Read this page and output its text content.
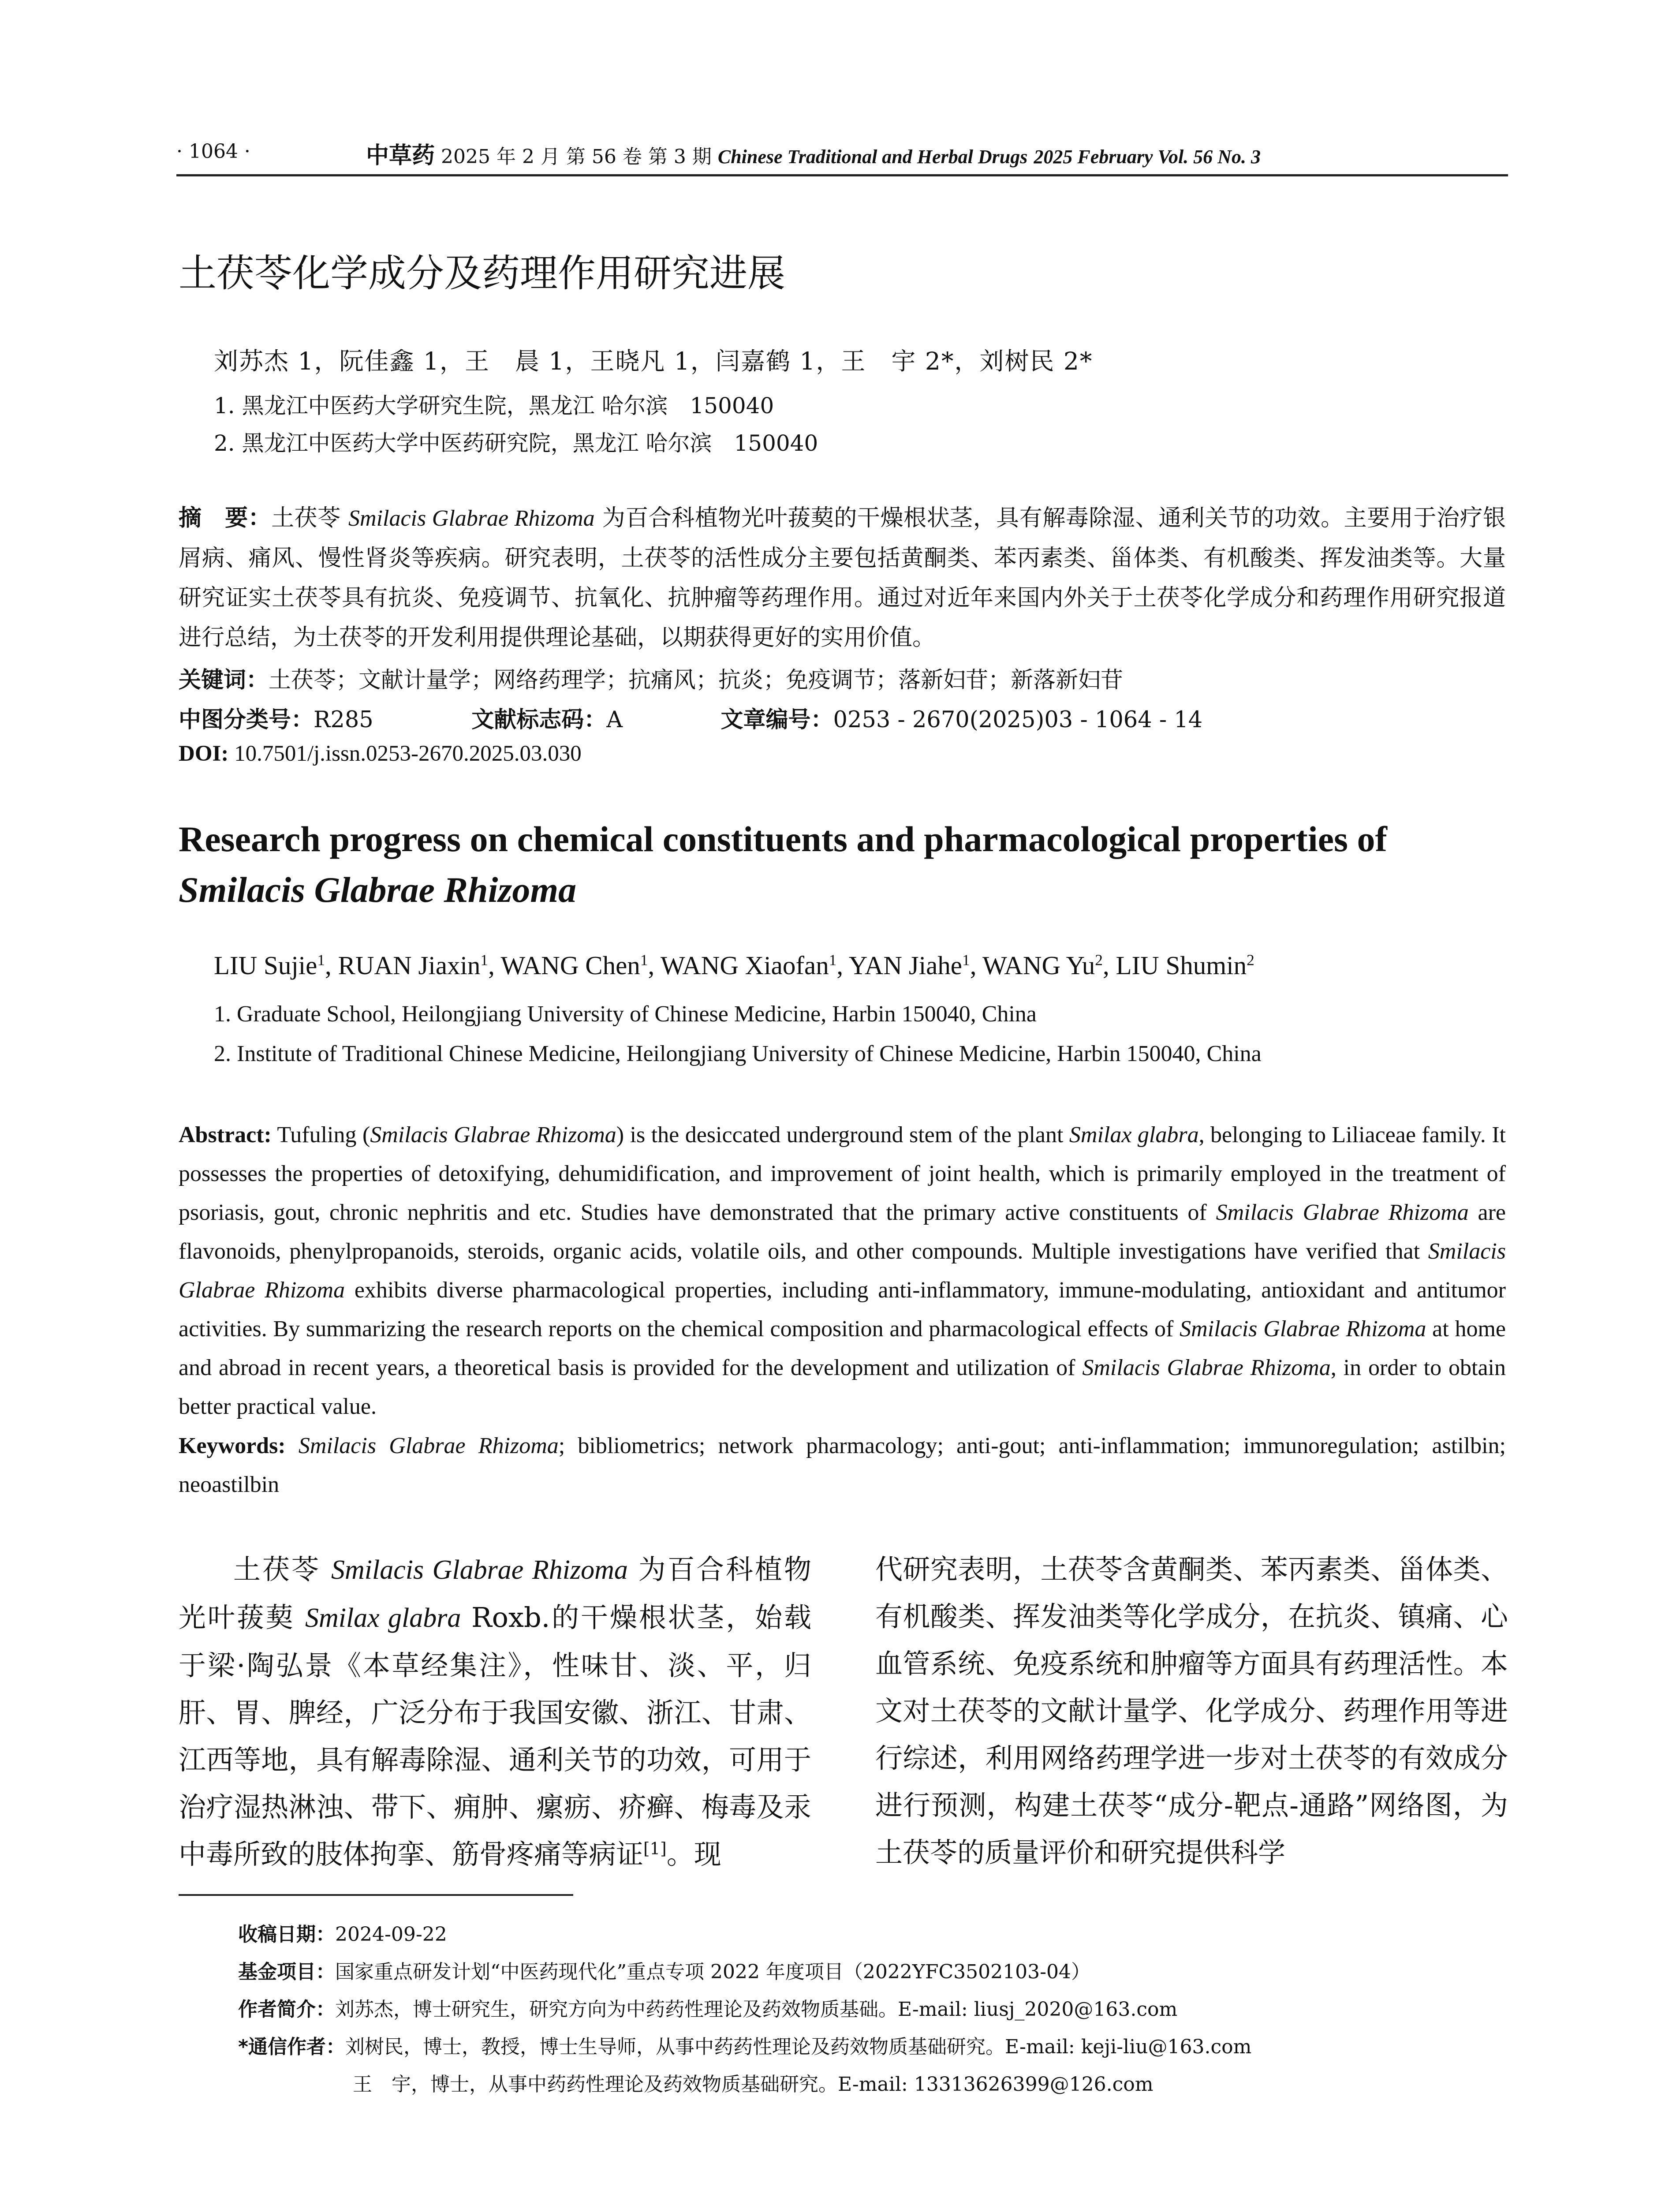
· 1064 ·	中草药 2025 年 2 月 第 56 卷 第 3 期 Chinese Traditional and Herbal Drugs 2025 February Vol. 56 No. 3
土茯苓化学成分及药理作用研究进展
刘苏杰 1，阮佳鑫 1，王　晨 1，王晓凡 1，闫嘉鹤 1，王　宇 2*，刘树民 2*
1. 黑龙江中医药大学研究生院，黑龙江 哈尔滨　150040
2. 黑龙江中医药大学中医药研究院，黑龙江 哈尔滨　150040
摘　要：土茯苓 Smilacis Glabrae Rhizoma 为百合科植物光叶菝葜的干燥根状茎，具有解毒除湿、通利关节的功效。主要用于治疗银屑病、痛风、慢性肾炎等疾病。研究表明，土茯苓的活性成分主要包括黄酮类、苯丙素类、甾体类、有机酸类、挥发油类等。大量研究证实土茯苓具有抗炎、免疫调节、抗氧化、抗肿瘤等药理作用。通过对近年来国内外关于土茯苓化学成分和药理作用研究报道进行总结，为土茯苓的开发利用提供理论基础，以期获得更好的实用价值。
关键词：土茯苓；文献计量学；网络药理学；抗痛风；抗炎；免疫调节；落新妇苷；新落新妇苷
中图分类号：R285	文献标志码：A	文章编号：0253 - 2670(2025)03 - 1064 - 14
DOI: 10.7501/j.issn.0253-2670.2025.03.030
Research progress on chemical constituents and pharmacological properties of
Smilacis Glabrae Rhizoma
LIU Sujie$^1$, RUAN Jiaxin$^1$, WANG Chen$^1$, WANG Xiaofan$^1$, YAN Jiahe$^1$, WANG Yu$^2$, LIU Shumin$^2$
1. Graduate School, Heilongjiang University of Chinese Medicine, Harbin 150040, China
2. Institute of Traditional Chinese Medicine, Heilongjiang University of Chinese Medicine, Harbin 150040, China
Abstract: Tufuling (Smilacis Glabrae Rhizoma) is the desiccated underground stem of the plant Smilax glabra, belonging to Liliaceae family. It possesses the properties of detoxifying, dehumidification, and improvement of joint health, which is primarily employed in the treatment of psoriasis, gout, chronic nephritis and etc. Studies have demonstrated that the primary active constituents of Smilacis Glabrae Rhizoma are flavonoids, phenylpropanoids, steroids, organic acids, volatile oils, and other compounds. Multiple investigations have verified that Smilacis Glabrae Rhizoma exhibits diverse pharmacological properties, including anti-inflammatory, immune-modulating, antioxidant and antitumor activities. By summarizing the research reports on the chemical composition and pharmacological effects of Smilacis Glabrae Rhizoma at home and abroad in recent years, a theoretical basis is provided for the development and utilization of Smilacis Glabrae Rhizoma, in order to obtain better practical value.
Keywords: Smilacis Glabrae Rhizoma; bibliometrics; network pharmacology; anti-gout; anti-inflammation; immunoregulation; astilbin; neoastilbin
土茯苓 Smilacis Glabrae Rhizoma 为百合科植物光叶菝葜 Smilax glabra Roxb.的干燥根状茎，始载于梁·陶弘景《本草经集注》，性味甘、淡、平，归肝、胃、脾经，广泛分布于我国安徽、浙江、甘肃、江西等地，具有解毒除湿、通利关节的功效，可用于治疗湿热淋浊、带下、痈肿、瘰疬、疥癣、梅毒及汞中毒所致的肢体拘挛、筋骨疼痛等病证[1]。现
代研究表明，土茯苓含黄酮类、苯丙素类、甾体类、有机酸类、挥发油类等化学成分，在抗炎、镇痛、心血管系统、免疫系统和肿瘤等方面具有药理活性。本文对土茯苓的文献计量学、化学成分、药理作用等进行综述，利用网络药理学进一步对土茯苓的有效成分进行预测，构建土茯苓“成分-靶点-通路”网络图，为土茯苓的质量评价和研究提供科学
收稿日期：2024-09-22
基金项目：国家重点研发计划“中医药现代化”重点专项 2022 年度项目（2022YFC3502103-04）
作者简介：刘苏杰，博士研究生，研究方向为中药药性理论及药效物质基础。E-mail: liusj_2020@163.com
*通信作者：刘树民，博士，教授，博士生导师，从事中药药性理论及药效物质基础研究。E-mail: keji-liu@163.com
王　宇，博士，从事中药药性理论及药效物质基础研究。E-mail: 13313626399@126.com
